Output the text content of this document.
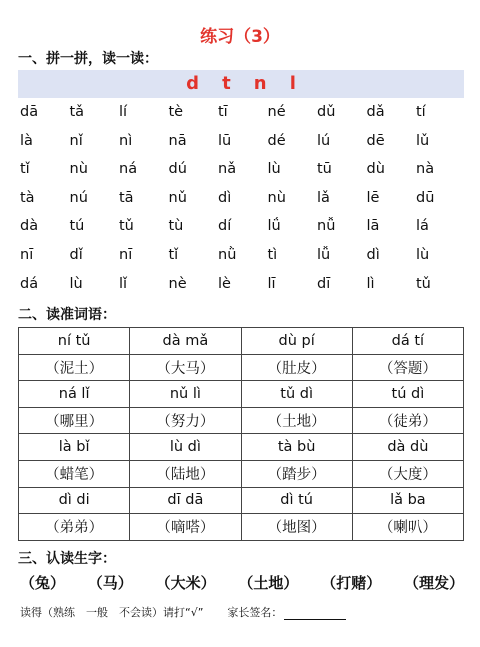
练习（3）
一、拼一拼，读一读：
d t n l
dā	tǎ	lí	tè	tī	né	dǔ	dǎ	tí
là	nǐ	nì	nā	lū	dé	lú	dē	lǔ
tǐ	nù	ná	dú	nǎ	lù	tū	dù	nà
tà	nú	tā	nǔ	dì	nù	lǎ	lē	dū
dà	tú	tǔ	tù	dí	lǘ	nǚ	lā	lá
nī	dǐ	nī	tǐ	nǜ	tì	lǚ	dì	lù
dá	lù	lǐ	nè	lè	lī	dī	lì	tǔ
二、读准词语：
ní tǔ	dà mǎ	dù pí	dá tí
（泥土）	（大马）	（肚皮）	（答题）
ná lǐ	nǔ lì	tǔ dì	tú dì
（哪里）	（努力）	（土地）	（徒弟）
là bǐ	lù dì	tà bù	dà dù
（蜡笔）	（陆地）	（踏步）	（大度）
dì di	dī dā	dì tú	lǎ ba
（弟弟）	（嘀嗒）	（地图）	（喇叭）
三、认读生字：
（兔） （马） （大米） （土地） （打赌） （理发）
读得（熟练　一般　不会读）请打“√” 家长签名：
